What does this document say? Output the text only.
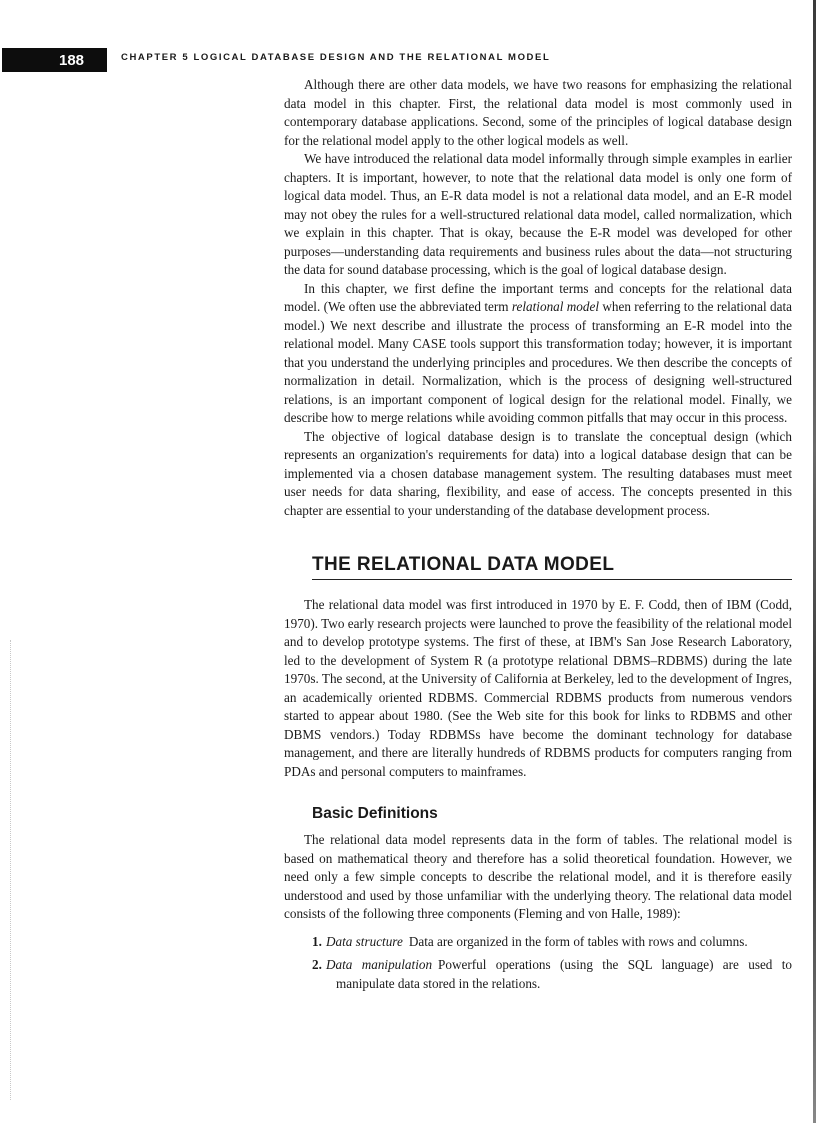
188	CHAPTER 5 LOGICAL DATABASE DESIGN AND THE RELATIONAL MODEL

Although there are other data models, we have two reasons for emphasizing the relational data model in this chapter. First, the relational data model is most commonly used in contemporary database applications. Second, some of the principles of logical database design for the relational model apply to the other logical models as well.

We have introduced the relational data model informally through simple examples in earlier chapters. It is important, however, to note that the relational data model is only one form of logical data model. Thus, an E-R data model is not a relational data model, and an E-R model may not obey the rules for a well-structured relational data model, called normalization, which we explain in this chapter. That is okay, because the E-R model was developed for other purposes—understanding data requirements and business rules about the data—not structuring the data for sound database processing, which is the goal of logical database design.

In this chapter, we first define the important terms and concepts for the relational data model. (We often use the abbreviated term relational model when referring to the relational data model.) We next describe and illustrate the process of transforming an E-R model into the relational model. Many CASE tools support this transformation today; however, it is important that you understand the underlying principles and procedures. We then describe the concepts of normalization in detail. Normalization, which is the process of designing well-structured relations, is an important component of logical design for the relational model. Finally, we describe how to merge relations while avoiding common pitfalls that may occur in this process.

The objective of logical database design is to translate the conceptual design (which represents an organization's requirements for data) into a logical database design that can be implemented via a chosen database management system. The resulting databases must meet user needs for data sharing, flexibility, and ease of access. The concepts presented in this chapter are essential to your understanding of the database development process.

THE RELATIONAL DATA MODEL

The relational data model was first introduced in 1970 by E. F. Codd, then of IBM (Codd, 1970). Two early research projects were launched to prove the feasibility of the relational model and to develop prototype systems. The first of these, at IBM's San Jose Research Laboratory, led to the development of System R (a prototype relational DBMS–RDBMS) during the late 1970s. The second, at the University of California at Berkeley, led to the development of Ingres, an academically oriented RDBMS. Commercial RDBMS products from numerous vendors started to appear about 1980. (See the Web site for this book for links to RDBMS and other DBMS vendors.) Today RDBMSs have become the dominant technology for database management, and there are literally hundreds of RDBMS products for computers ranging from PDAs and personal computers to mainframes.

Basic Definitions

The relational data model represents data in the form of tables. The relational model is based on mathematical theory and therefore has a solid theoretical foundation. However, we need only a few simple concepts to describe the relational model, and it is therefore easily understood and used by those unfamiliar with the underlying theory. The relational data model consists of the following three components (Fleming and von Halle, 1989):

1. Data structure Data are organized in the form of tables with rows and columns.
2. Data manipulation Powerful operations (using the SQL language) are used to manipulate data stored in the relations.
